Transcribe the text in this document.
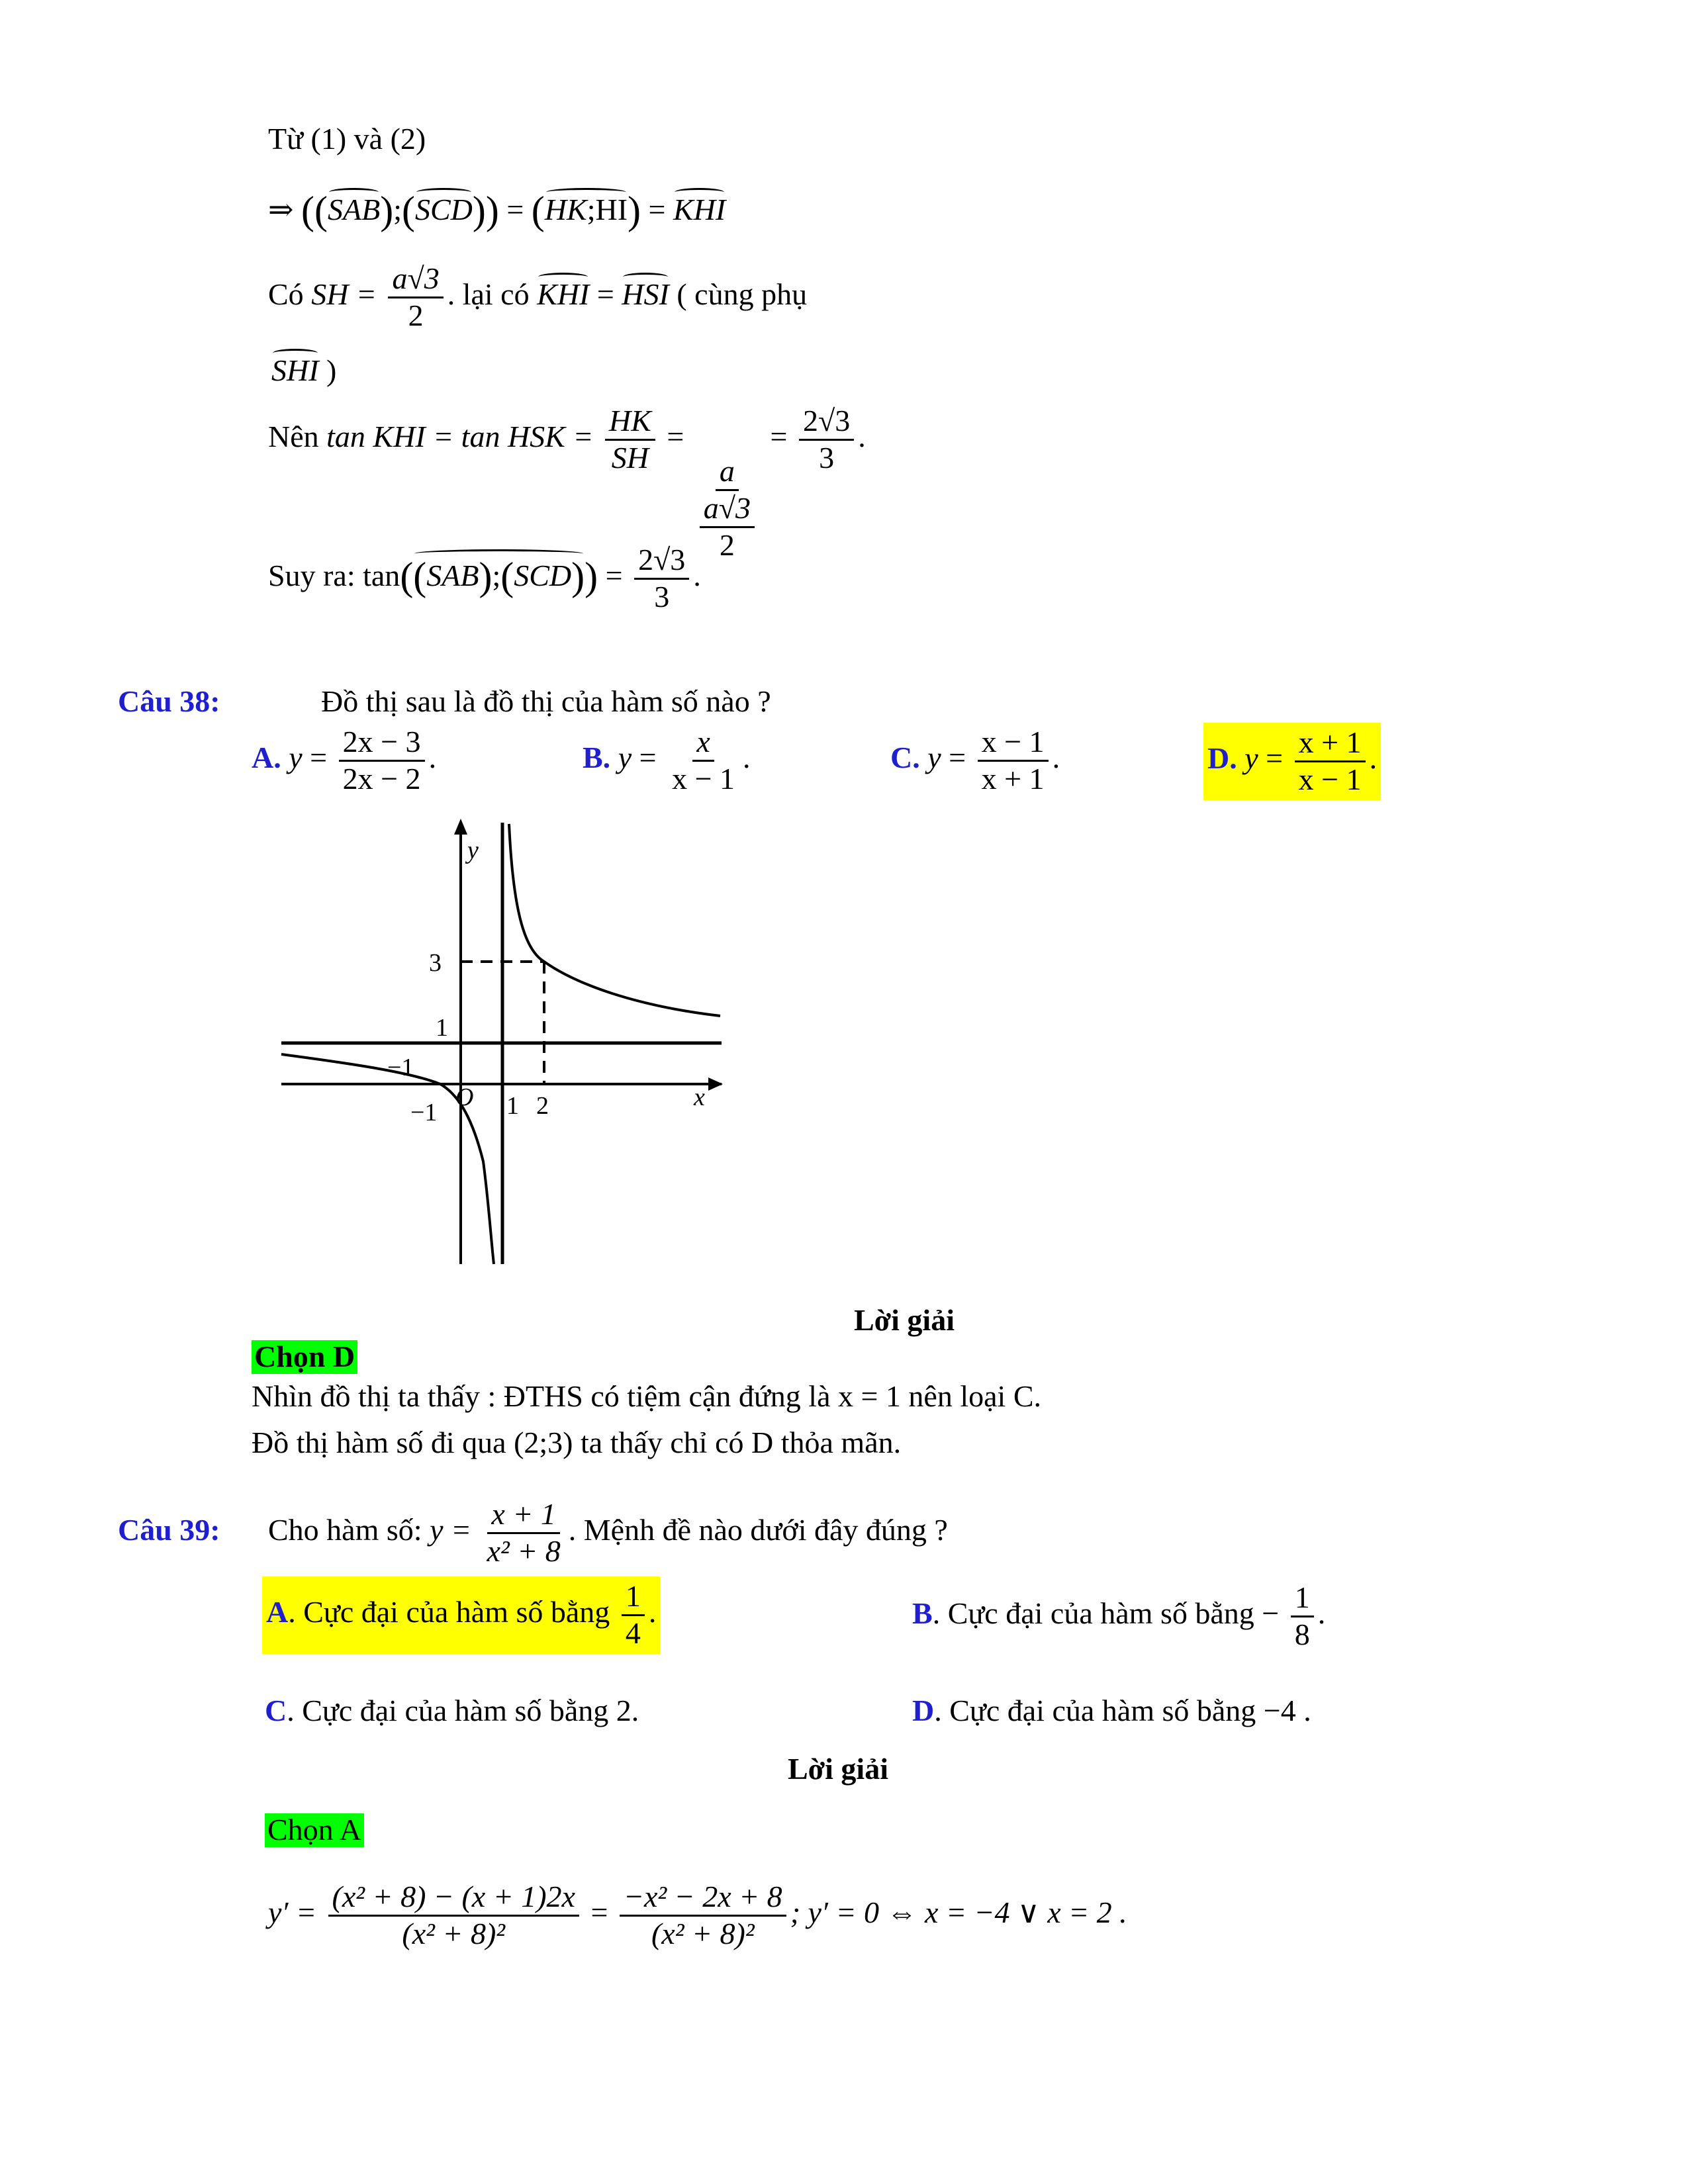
Từ (1) và (2)
⇒ ((SAB);(SCD)) = (HK;HI) = KHI
Có SH = $\frac{a√3}{2}$ . lại có KHI = HSI ( cùng phụ
SHI )
Nên tan KHI = tan HSK = $\frac{HK}{SH}$ =
$\frac{a}{\frac{a√3}{2}}$
= $\frac{2√3}{3}$ .
Suy ra: tan((SAB);(SCD)) = $\frac{2√3}{3}$ .
Câu 38:	Đồ thị sau là đồ thị của hàm số nào ?
A. $y = \frac{2x - 3}{2x - 2}$ .	B. $y = \frac{x}{x - 1}$ .	C. $y = \frac{x - 1}{x + 1}$ .	D. $y = \frac{x + 1}{x - 1}$ .
y
x
3
1
−1
O
−1	1 2
Lời giải
Chọn D
Nhìn đồ thị ta thấy : ĐTHS có tiệm cận đứng là x = 1 nên loại C.
Đồ thị hàm số đi qua (2;3) ta thấy chỉ có D thỏa mãn.
Câu 39: Cho hàm số: $y = \frac{x + 1}{\text{x² + 8}}$ . Mệnh đề nào dưới đây đúng ?
A. Cực đại của hàm số bằng $\frac{1}{4}$ .	B. Cực đại của hàm số bằng − $\frac{1}{8}$ .
C. Cực đại của hàm số bằng 2.	D. Cực đại của hàm số bằng −4 .
Lời giải
Chọn A
$y' = \frac{\text{(x² + 8) − (x + 1)2x}}{\text{(x² + 8)²}} = \frac{\text{−x² − 2x + 8}}{\text{(x² + 8)²}}$ ; y′ = 0 ⇔ x = −4 ∨ x = 2 .
